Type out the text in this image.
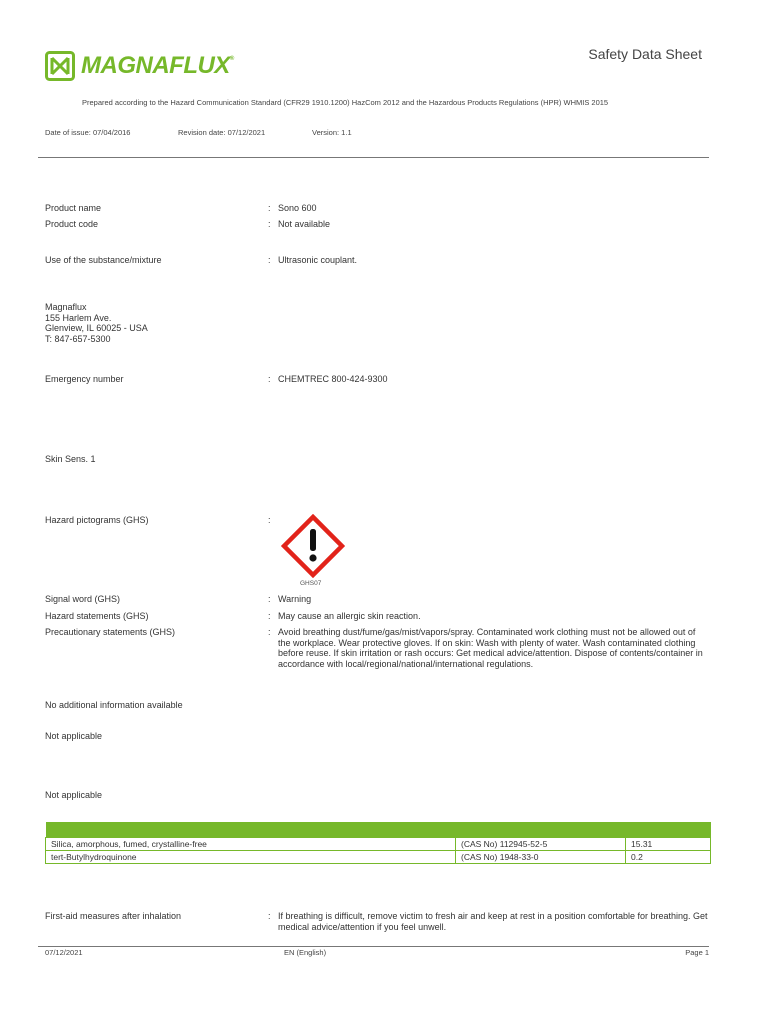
MAGNAFLUX®	Safety Data Sheet
Prepared according to the Hazard Communication Standard (CFR29 1910.1200) HazCom 2012 and the Hazardous Products Regulations (HPR) WHMIS 2015
Date of issue: 07/04/2016	Revision date: 07/12/2021	Version: 1.1
Product name	: Sono 600
Product code	: Not available
Use of the substance/mixture	: Ultrasonic couplant.
Magnaflux
155 Harlem Ave.
Glenview, IL 60025 - USA
T: 847-657-5300
Emergency number	: CHEMTREC 800-424-9300
Skin Sens. 1
Hazard pictograms (GHS)	:
GHS07
Signal word (GHS)	: Warning
Hazard statements (GHS)	: May cause an allergic skin reaction.
Precautionary statements (GHS)	: Avoid breathing dust/fume/gas/mist/vapors/spray. Contaminated work clothing must not be allowed out of the workplace. Wear protective gloves. If on skin: Wash with plenty of water. Wash contaminated clothing before reuse. If skin irritation or rash occurs: Get medical advice/attention. Dispose of contents/container in accordance with local/regional/national/international regulations.
No additional information available
Not applicable
Not applicable

Silica, amorphous, fumed, crystalline-free	(CAS No) 112945-52-5	15.31
tert-Butylhydroquinone	(CAS No) 1948-33-0	0.2
First-aid measures after inhalation	: If breathing is difficult, remove victim to fresh air and keep at rest in a position comfortable for breathing. Get medical advice/attention if you feel unwell.
07/12/2021	EN (English)	Page 1
